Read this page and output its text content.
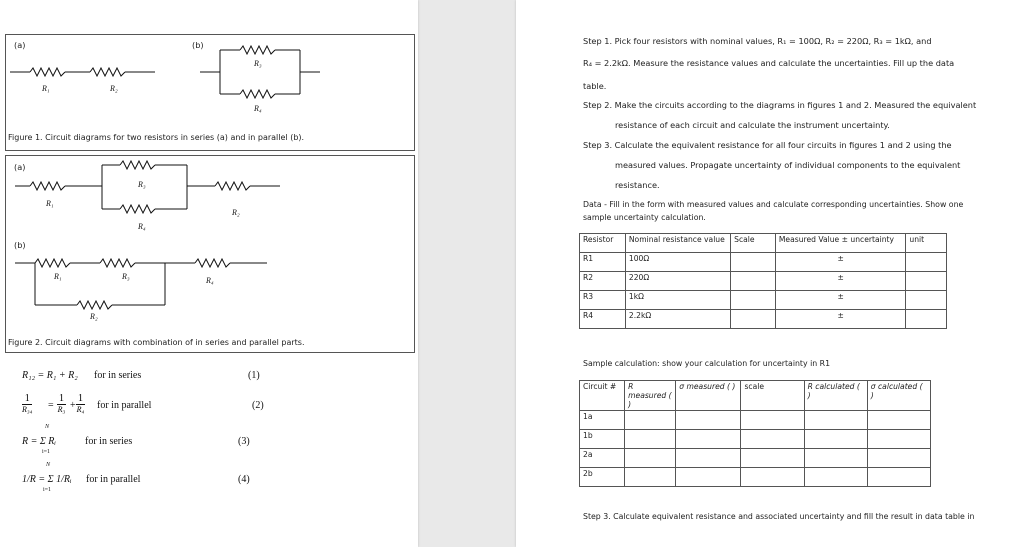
(a)	(b)
R₁	R₂
R₃
R₄
Figure 1. Circuit diagrams for two resistors in series (a) and in parallel (b).
(a)
(b)
R₁
R₃
R₄
R₂
R₁	R₃	R₄
R₂
Figure 2. Circuit diagrams with combination of in series and parallel parts.
R₁₂ = R₁ + R₂ for in series	(1)
1
R₃₄ =
1
R₃ +
1
R₄ for in parallel	(2)
N
R = Σ Rᵢ
i=1
for in series	(3)
N
1/R = Σ 1/Rᵢ
i=1
for in parallel	(4)
Step 1. Pick four resistors with nominal values, R₁ = 100Ω, R₂ = 220Ω, R₃ = 1kΩ, and
R₄ = 2.2kΩ. Measure the resistance values and calculate the uncertainties. Fill up the data
table.
Step 2. Make the circuits according to the diagrams in figures 1 and 2. Measured the equivalent
resistance of each circuit and calculate the instrument uncertainty.
Step 3. Calculate the equivalent resistance for all four circuits in figures 1 and 2 using the
measured values. Propagate uncertainty of individual components to the equivalent
resistance.
Data - Fill in the form with measured values and calculate corresponding uncertainties. Show one
sample uncertainty calculation.
Resistor	Nominal resistance value	Scale	Measured Value ± uncertainty	unit
R1	100Ω		±	
R2	220Ω		±	
R3	1kΩ		±	
R4	2.2kΩ		±	
Sample calculation: show your calculation for uncertainty in R1
Circuit #	R measured ( )	σ measured ( )	scale	R calculated ( )	σ calculated ( )
1a					
1b					
2a					
2b					
Step 3. Calculate equivalent resistance and associated uncertainty and fill the result in data table in
